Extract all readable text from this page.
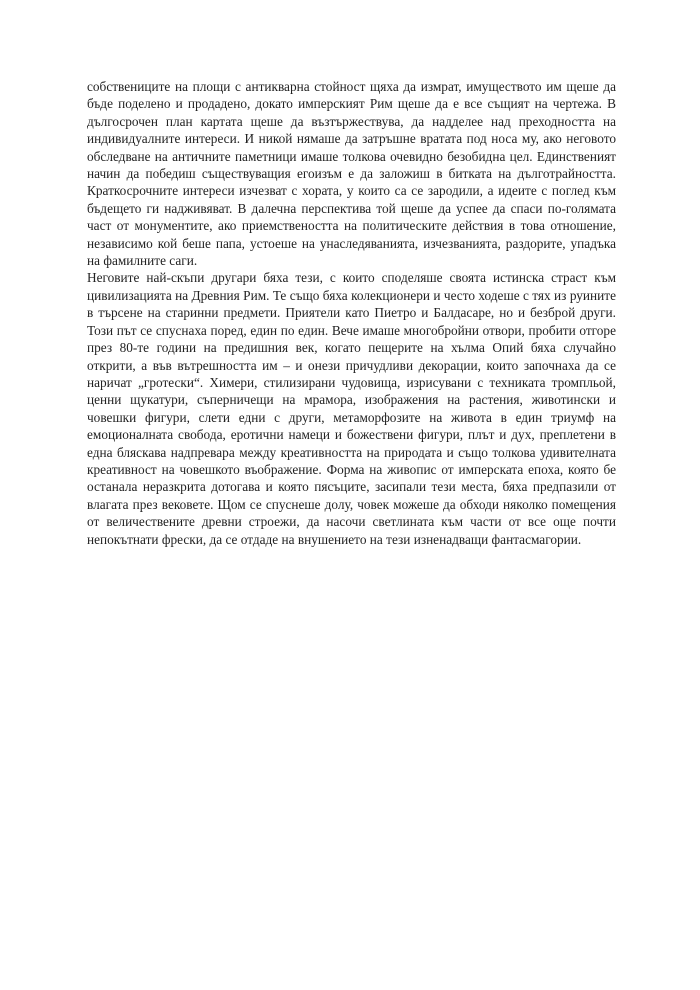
собствениците на площи с антикварна стойност щяха да измрат, имуществото им щеше да бъде поделено и продадено, докато имперският Рим щеше да е все същият на чертежа. В дългосрочен план картата щеше да възтържествува, да надделее над преходността на индивидуалните интереси. И никой нямаше да затръшне вратата под носа му, ако неговото обследване на античните паметници имаше толкова очевидно безобидна цел. Единственият начин да победиш съществуващия егоизъм е да заложиш в битката на дълготрайността. Краткосрочните интереси изчезват с хората, у които са се зародили, а идеите с поглед към бъдещето ги надживяват. В далечна перспектива той щеше да успее да спаси по-голямата част от монументите, ако приемствеността на политическите действия в това отношение, независимо кой беше папа, устоеше на унаследяванията, изчезванията, раздорите, упадъка на фамилните саги.

Неговите най-скъпи другари бяха тези, с които споделяше своята истинска страст към цивилизацията на Древния Рим. Те също бяха колекционери и често ходеше с тях из руините в търсене на старинни предмети. Приятели като Пиетро и Балдасаре, но и безброй други. Този път се спуснаха поред, един по един. Вече имаше многобройни отвори, пробити отгоре през 80-те години на предишния век, когато пещерите на хълма Опий бяха случайно открити, а във вътрешността им – и онези причудливи декорации, които започнаха да се наричат „гротески“. Химери, стилизирани чудовища, изрисувани с техниката тромпльой, ценни щукатури, съперничещи на мрамора, изображения на растения, животински и човешки фигури, слети едни с други, метаморфозите на живота в един триумф на емоционалната свобода, еротични намеци и божествени фигури, плът и дух, преплетени в една бляскава надпревара между креативността на природата и също толкова удивителната креативност на човешкото въображение. Форма на живопис от имперската епоха, която бе останала неразкрита дотогава и която пясъците, засипали тези места, бяха предпазили от влагата през вековете. Щом се спуснеше долу, човек можеше да обходи няколко помещения от величествените древни строежи, да насочи светлината към части от все още почти непокътнати фрески, да се отдаде на внушението на тези изненадващи фантасмагории.
